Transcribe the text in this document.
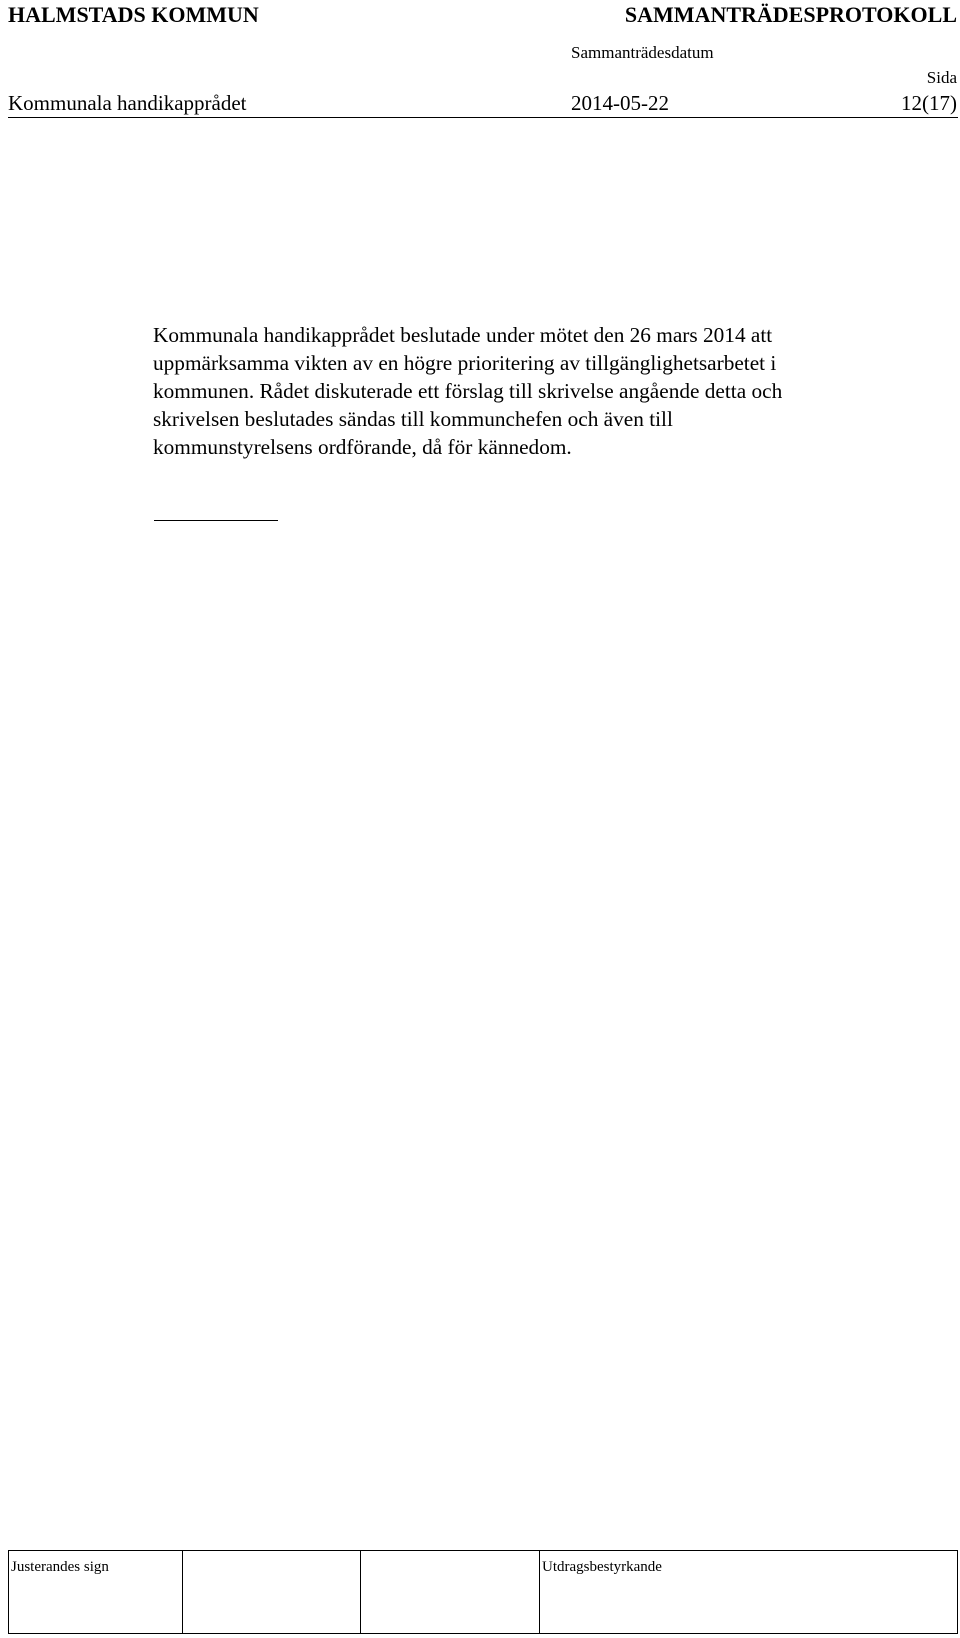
HALMSTADS KOMMUN	SAMMANTRÄDESPROTOKOLL
Sammanträdesdatum
Sida
Kommunala handikapprådet	2014-05-22	12(17)
Kommunala handikapprådet beslutade under mötet den 26 mars 2014 att
uppmärksamma vikten av en högre prioritering av tillgänglighetsarbetet i
kommunen. Rådet diskuterade ett förslag till skrivelse angående detta och
skrivelsen beslutades sändas till kommunchefen och även till
kommunstyrelsens ordförande, då för kännedom.
Justerandes sign	Utdragsbestyrkande
